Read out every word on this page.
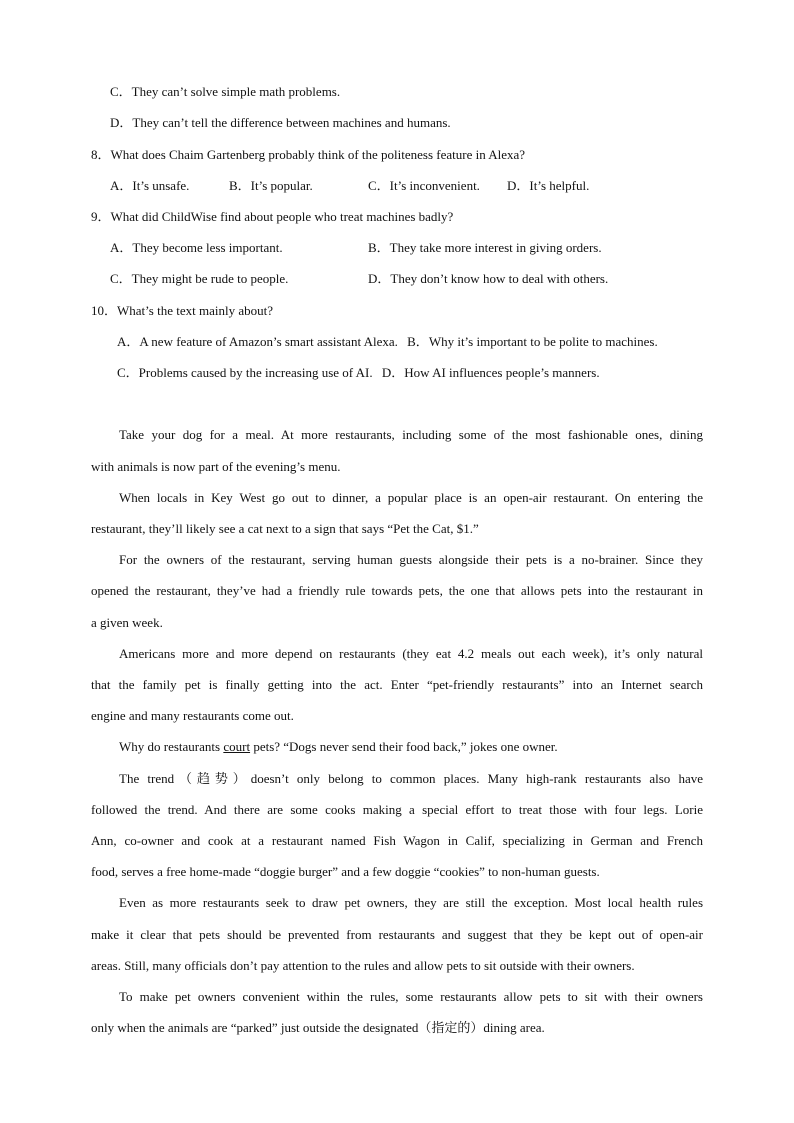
C．They can’t solve simple math problems.
D．They can’t tell the difference between machines and humans.
8．What does Chaim Gartenberg probably think of the politeness feature in Alexa?
A．It’s unsafe.	B．It’s popular.	C．It’s inconvenient. D．It’s helpful.
9．What did ChildWise find about people who treat machines badly?
A．They become less important.	B．They take more interest in giving orders.
C．They might be rude to people.	D．They don’t know how to deal with others.
10．What’s the text mainly about?
A．A new feature of Amazon’s smart assistant Alexa. B．Why it’s important to be polite to machines.
C．Problems caused by the increasing use of AI. D．How AI influences people’s manners.
Take your dog for a meal. At more restaurants, including some of the most fashionable ones, dining
with animals is now part of the evening’s menu.
When locals in Key West go out to dinner, a popular place is an open-air restaurant. On entering the
restaurant, they’ll likely see a cat next to a sign that says “Pet the Cat, $1.”
For the owners of the restaurant, serving human guests alongside their pets is a no-brainer. Since they
opened the restaurant, they’ve had a friendly rule towards pets, the one that allows pets into the restaurant in
a given week.
Americans more and more depend on restaurants (they eat 4.2 meals out each week), it’s only natural
that the family pet is finally getting into the act. Enter “pet-friendly restaurants” into an Internet search
engine and many restaurants come out.
Why do restaurants court pets? “Dogs never send their food back,” jokes one owner.
The trend（趋势）doesn’t only belong to common places. Many high-rank restaurants also have
followed the trend. And there are some cooks making a special effort to treat those with four legs. Lorie
Ann, co-owner and cook at a restaurant named Fish Wagon in Calif, specializing in German and French
food, serves a free home-made “doggie burger” and a few doggie “cookies” to non-human guests.
Even as more restaurants seek to draw pet owners, they are still the exception. Most local health rules
make it clear that pets should be prevented from restaurants and suggest that they be kept out of open-air
areas. Still, many officials don’t pay attention to the rules and allow pets to sit outside with their owners.
To make pet owners convenient within the rules, some restaurants allow pets to sit with their owners
only when the animals are “parked” just outside the designated（指定的）dining area.
